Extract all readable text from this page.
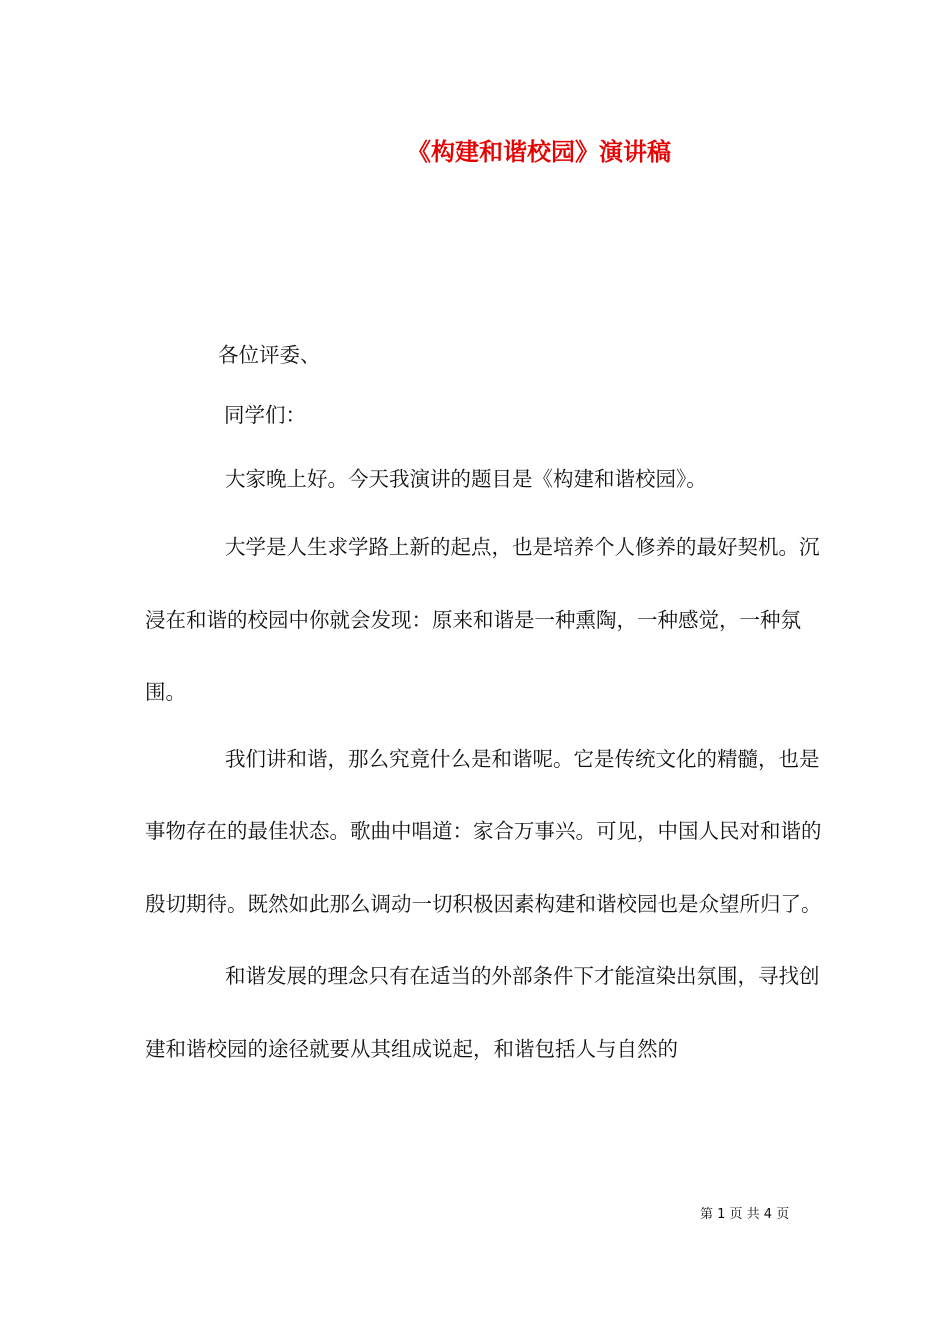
《构建和谐校园》演讲稿

各位评委、

同学们：

大家晚上好。今天我演讲的题目是《构建和谐校园》。

大学是人生求学路上新的起点，也是培养个人修养的最好契机。沉浸在和谐的校园中你就会发现：原来和谐是一种熏陶，一种感觉，一种氛围。

我们讲和谐，那么究竟什么是和谐呢。它是传统文化的精髓，也是事物存在的最佳状态。歌曲中唱道：家合万事兴。可见，中国人民对和谐的殷切期待。既然如此那么调动一切积极因素构建和谐校园也是众望所归了。

和谐发展的理念只有在适当的外部条件下才能渲染出氛围，寻找创建和谐校园的途径就要从其组成说起，和谐包括人与自然的

第 1 页 共 4 页
